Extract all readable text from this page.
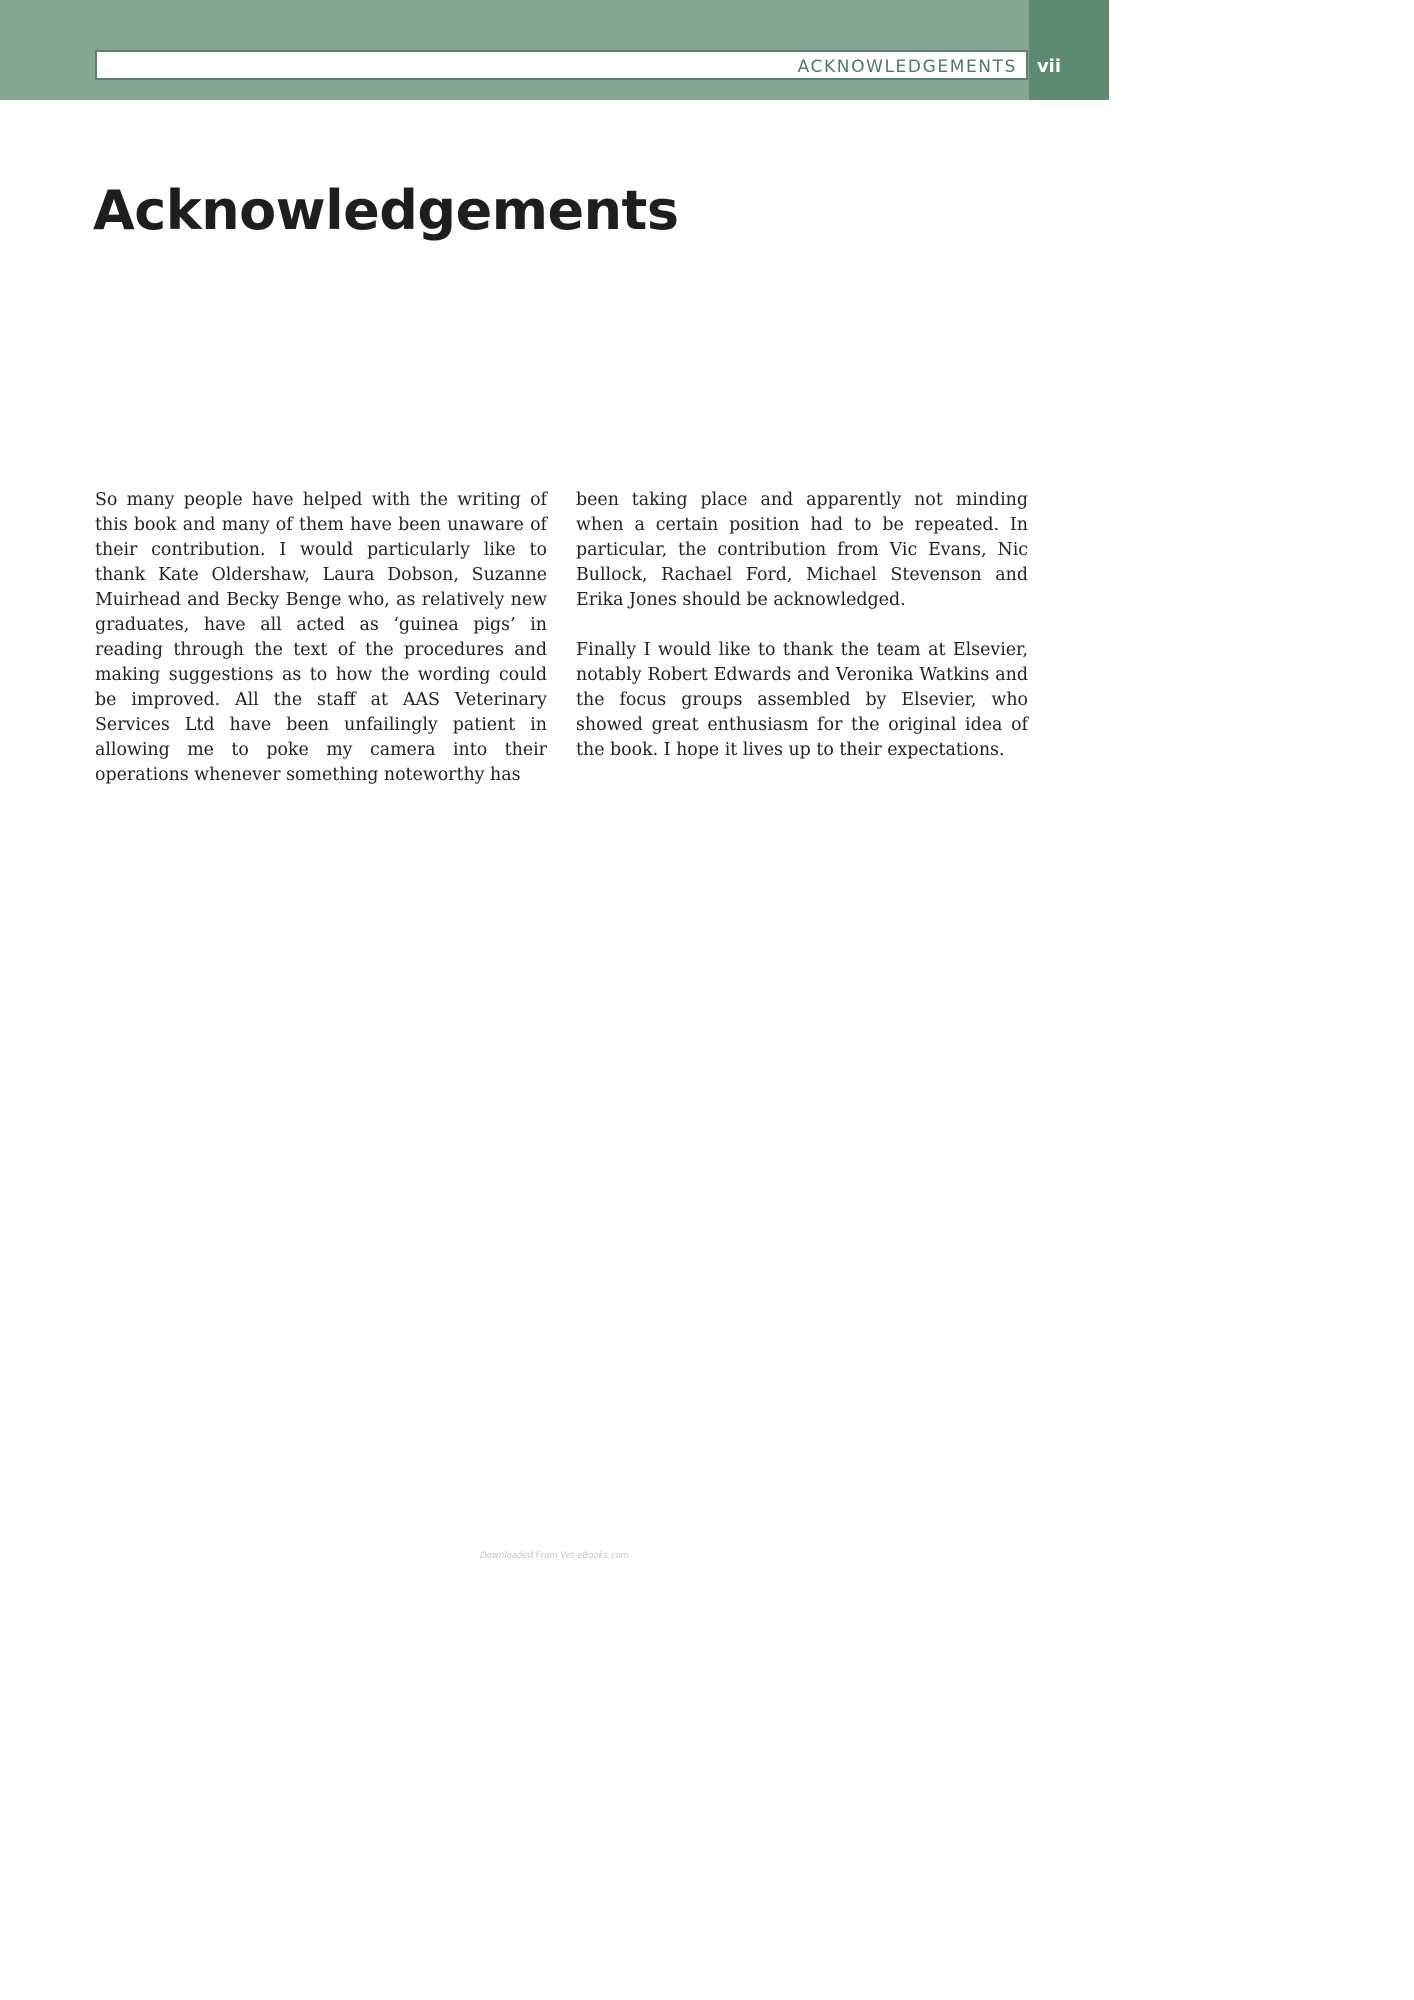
ACKNOWLEDGEMENTS	vii
Acknowledgements

So many people have helped with the writing of this book and many of them have been unaware of their contribution. I would particularly like to thank Kate Oldershaw, Laura Dobson, Suzanne Muirhead and Becky Benge who, as relatively new graduates, have all acted as ‘guinea pigs’ in reading through the text of the procedures and making suggestions as to how the wording could be improved. All the staff at AAS Veterinary Services Ltd have been unfailingly patient in allowing me to poke my camera into their operations whenever something noteworthy has

been taking place and apparently not minding when a certain position had to be repeated. In particular, the contribution from Vic Evans, Nic Bullock, Rachael Ford, Michael Stevenson and Erika Jones should be acknowledged.

Finally I would like to thank the team at Elsevier, notably Robert Edwards and Veronika Watkins and the focus groups assembled by Elsevier, who showed great enthusiasm for the original idea of the book. I hope it lives up to their expectations.

Downloaded From Vet-eBooks.com
